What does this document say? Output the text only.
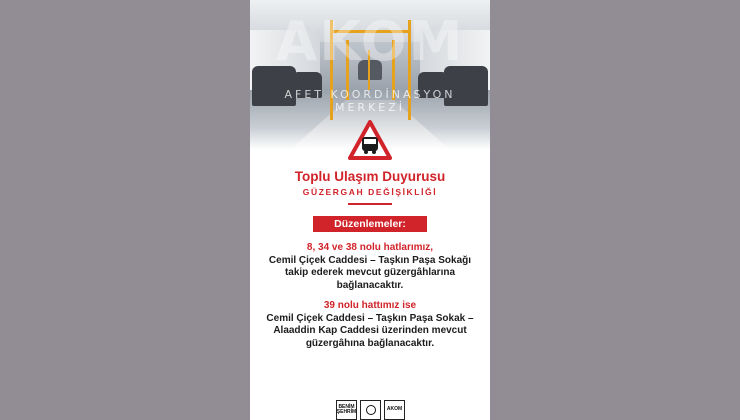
AKOM
AFET KOORDİNASYON MERKEZİ
Toplu Ulaşım Duyurusu
GÜZERGAH DEĞİŞİKLİĞİ
Düzenlemeler:
8, 34 ve 38 nolu hatlarımız,
Cemil Çiçek Caddesi – Taşkın Paşa Sokağı
takip ederek mevcut güzergâhlarına
bağlanacaktır.
39 nolu hattımız ise
Cemil Çiçek Caddesi – Taşkın Paşa Sokak –
Alaaddin Kap Caddesi üzerinden mevcut
güzergâhına bağlanacaktır.
BENİM
ŞEHRİM	AKOM
